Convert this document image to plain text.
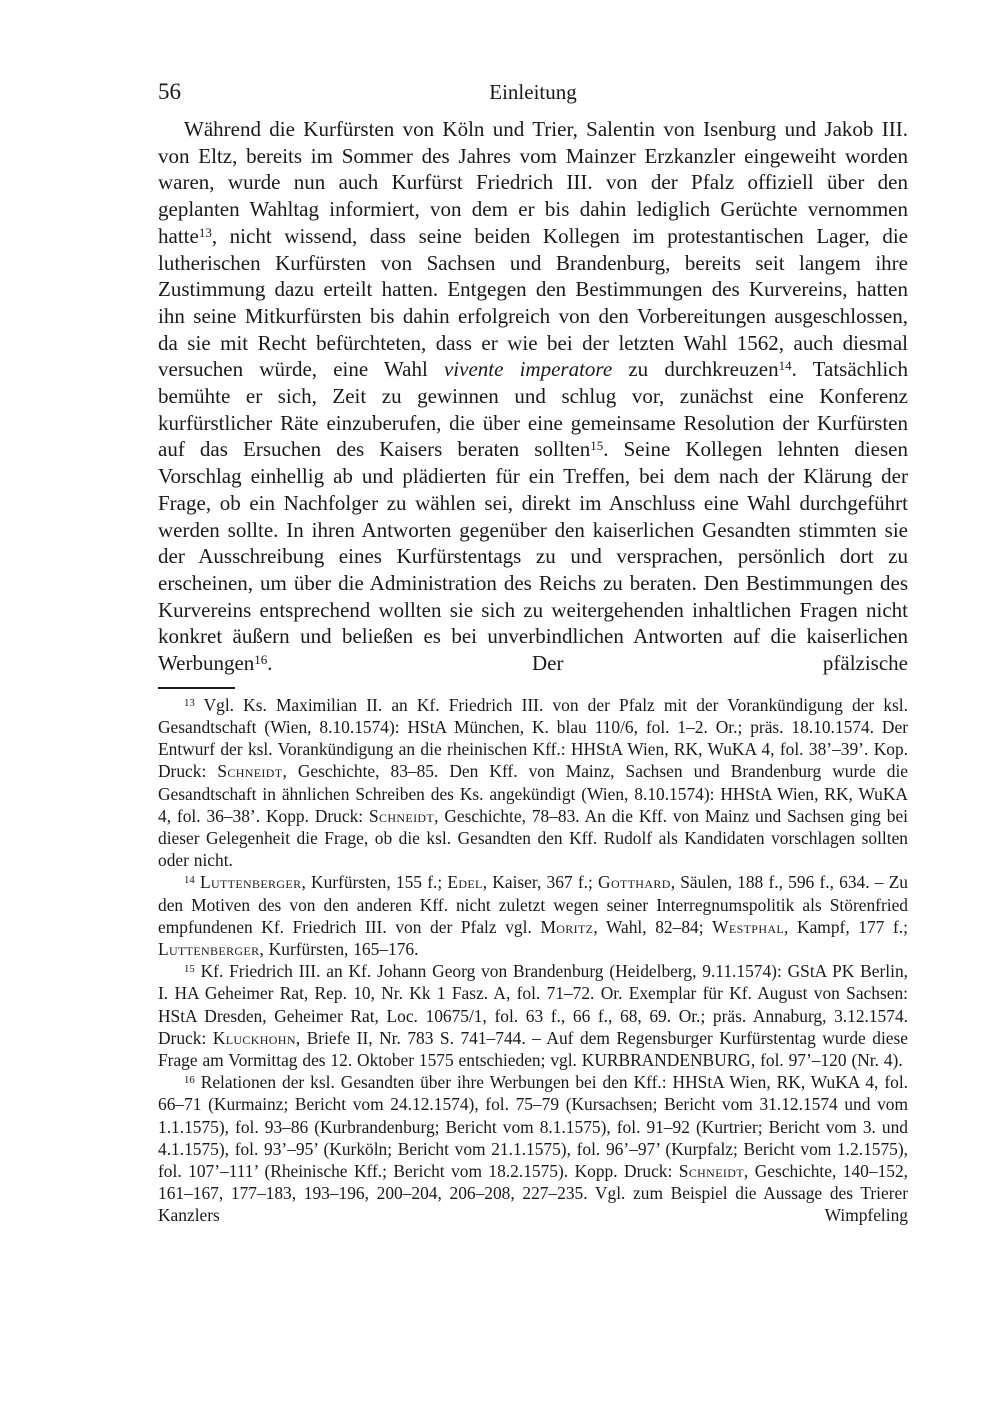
56	Einleitung

Während die Kurfürsten von Köln und Trier, Salentin von Isenburg und Jakob III. von Eltz, bereits im Sommer des Jahres vom Mainzer Erzkanzler eingeweiht worden waren, wurde nun auch Kurfürst Friedrich III. von der Pfalz offiziell über den geplanten Wahltag informiert, von dem er bis dahin lediglich Gerüchte vernommen hatte$^{13}$, nicht wissend, dass seine beiden Kollegen im protestantischen Lager, die lutherischen Kurfürsten von Sachsen und Brandenburg, bereits seit langem ihre Zustimmung dazu erteilt hatten. Entgegen den Bestimmungen des Kurvereins, hatten ihn seine Mitkurfürsten bis dahin erfolgreich von den Vorbereitungen ausgeschlossen, da sie mit Recht befürchteten, dass er wie bei der letzten Wahl 1562, auch diesmal versuchen würde, eine Wahl vivente imperatore zu durchkreuzen$^{14}$. Tatsächlich bemühte er sich, Zeit zu gewinnen und schlug vor, zunächst eine Konferenz kurfürstlicher Räte einzuberufen, die über eine gemeinsame Resolution der Kurfürsten auf das Ersuchen des Kaisers beraten sollten$^{15}$. Seine Kollegen lehnten diesen Vorschlag einhellig ab und plädierten für ein Treffen, bei dem nach der Klärung der Frage, ob ein Nachfolger zu wählen sei, direkt im Anschluss eine Wahl durchgeführt werden sollte. In ihren Antworten gegenüber den kaiserlichen Gesandten stimmten sie der Ausschreibung eines Kurfürstentags zu und versprachen, persönlich dort zu erscheinen, um über die Administration des Reichs zu beraten. Den Bestimmungen des Kurvereins entsprechend wollten sie sich zu weitergehenden inhaltlichen Fragen nicht konkret äußern und beließen es bei unverbindlichen Antworten auf die kaiserlichen Werbungen$^{16}$. Der pfälzische

$^{13}$ Vgl. Ks. Maximilian II. an Kf. Friedrich III. von der Pfalz mit der Vorankündigung der ksl. Gesandtschaft (Wien, 8.10.1574): HStA München, K. blau 110/6, fol. 1–2. Or.; präs. 18.10.1574. Der Entwurf der ksl. Vorankündigung an die rheinischen Kff.: HHStA Wien, RK, WuKA 4, fol. 38’–39’. Kop. Druck: Schneidt, Geschichte, 83–85. Den Kff. von Mainz, Sachsen und Brandenburg wurde die Gesandtschaft in ähnlichen Schreiben des Ks. angekündigt (Wien, 8.10.1574): HHStA Wien, RK, WuKA 4, fol. 36–38’. Kopp. Druck: Schneidt, Geschichte, 78–83. An die Kff. von Mainz und Sachsen ging bei dieser Gelegenheit die Frage, ob die ksl. Gesandten den Kff. Rudolf als Kandidaten vorschlagen sollten oder nicht.

$^{14}$ Luttenberger, Kurfürsten, 155 f.; Edel, Kaiser, 367 f.; Gotthard, Säulen, 188 f., 596 f., 634. – Zu den Motiven des von den anderen Kff. nicht zuletzt wegen seiner Interregnumspolitik als Störenfried empfundenen Kf. Friedrich III. von der Pfalz vgl. Moritz, Wahl, 82–84; Westphal, Kampf, 177 f.; Luttenberger, Kurfürsten, 165–176.

$^{15}$ Kf. Friedrich III. an Kf. Johann Georg von Brandenburg (Heidelberg, 9.11.1574): GStA PK Berlin, I. HA Geheimer Rat, Rep. 10, Nr. Kk 1 Fasz. A, fol. 71–72. Or. Exemplar für Kf. August von Sachsen: HStA Dresden, Geheimer Rat, Loc. 10675/1, fol. 63 f., 66 f., 68, 69. Or.; präs. Annaburg, 3.12.1574. Druck: Kluckhohn, Briefe II, Nr. 783 S. 741–744. – Auf dem Regensburger Kurfürstentag wurde diese Frage am Vormittag des 12. Oktober 1575 entschieden; vgl. KURBRANDENBURG, fol. 97’–120 (Nr. 4).

$^{16}$ Relationen der ksl. Gesandten über ihre Werbungen bei den Kff.: HHStA Wien, RK, WuKA 4, fol. 66–71 (Kurmainz; Bericht vom 24.12.1574), fol. 75–79 (Kursachsen; Bericht vom 31.12.1574 und vom 1.1.1575), fol. 93–86 (Kurbrandenburg; Bericht vom 8.1.1575), fol. 91–92 (Kurtrier; Bericht vom 3. und 4.1.1575), fol. 93’–95’ (Kurköln; Bericht vom 21.1.1575), fol. 96’–97’ (Kurpfalz; Bericht vom 1.2.1575), fol. 107’–111’ (Rheinische Kff.; Bericht vom 18.2.1575). Kopp. Druck: Schneidt, Geschichte, 140–152, 161–167, 177–183, 193–196, 200–204, 206–208, 227–235. Vgl. zum Beispiel die Aussage des Trierer Kanzlers Wimpfeling
